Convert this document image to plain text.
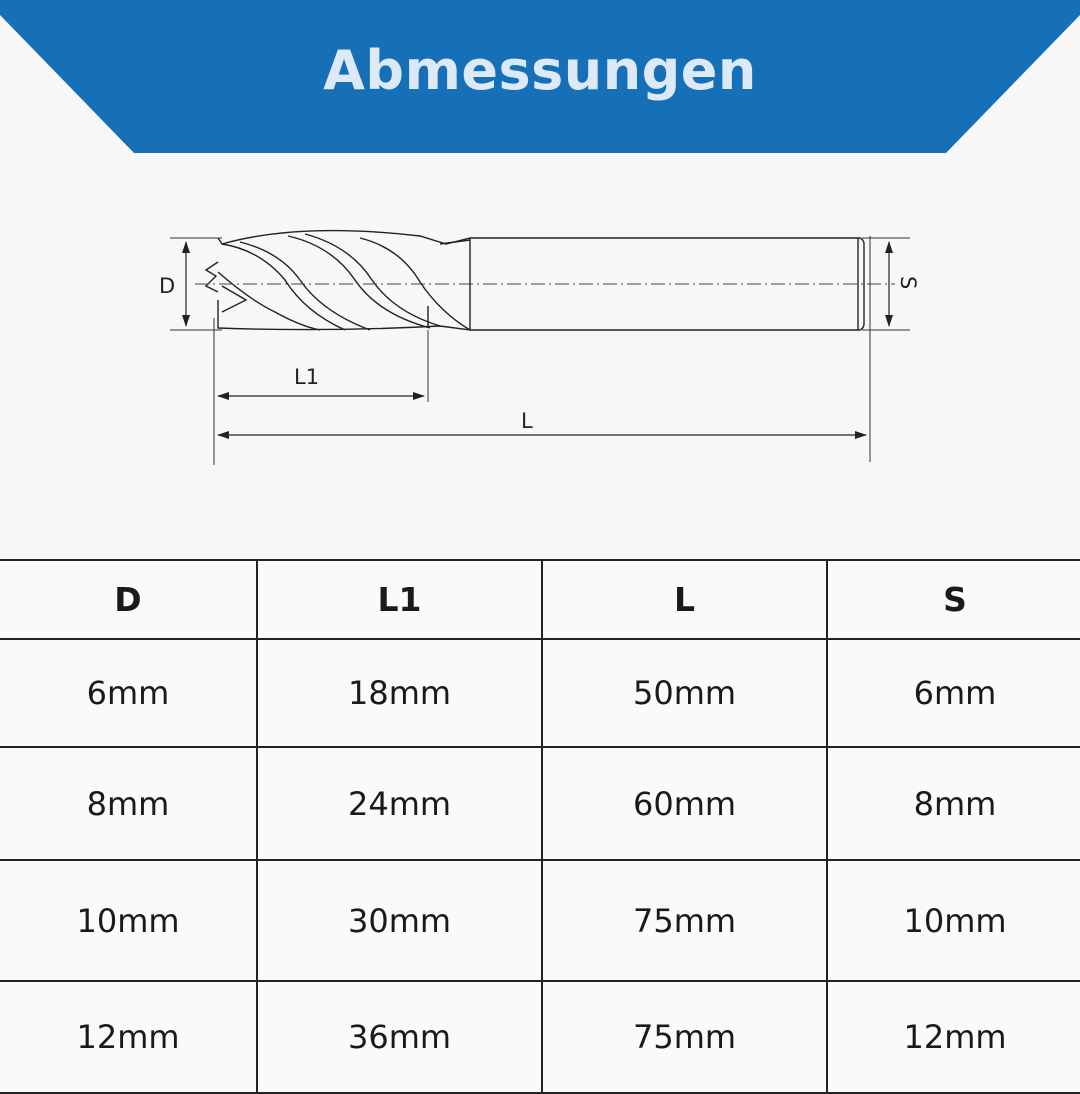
Abmessungen
D
L1
L
S
D	L1	L	S
6mm	18mm	50mm	6mm
8mm	24mm	60mm	8mm
10mm	30mm	75mm	10mm
12mm	36mm	75mm	12mm
